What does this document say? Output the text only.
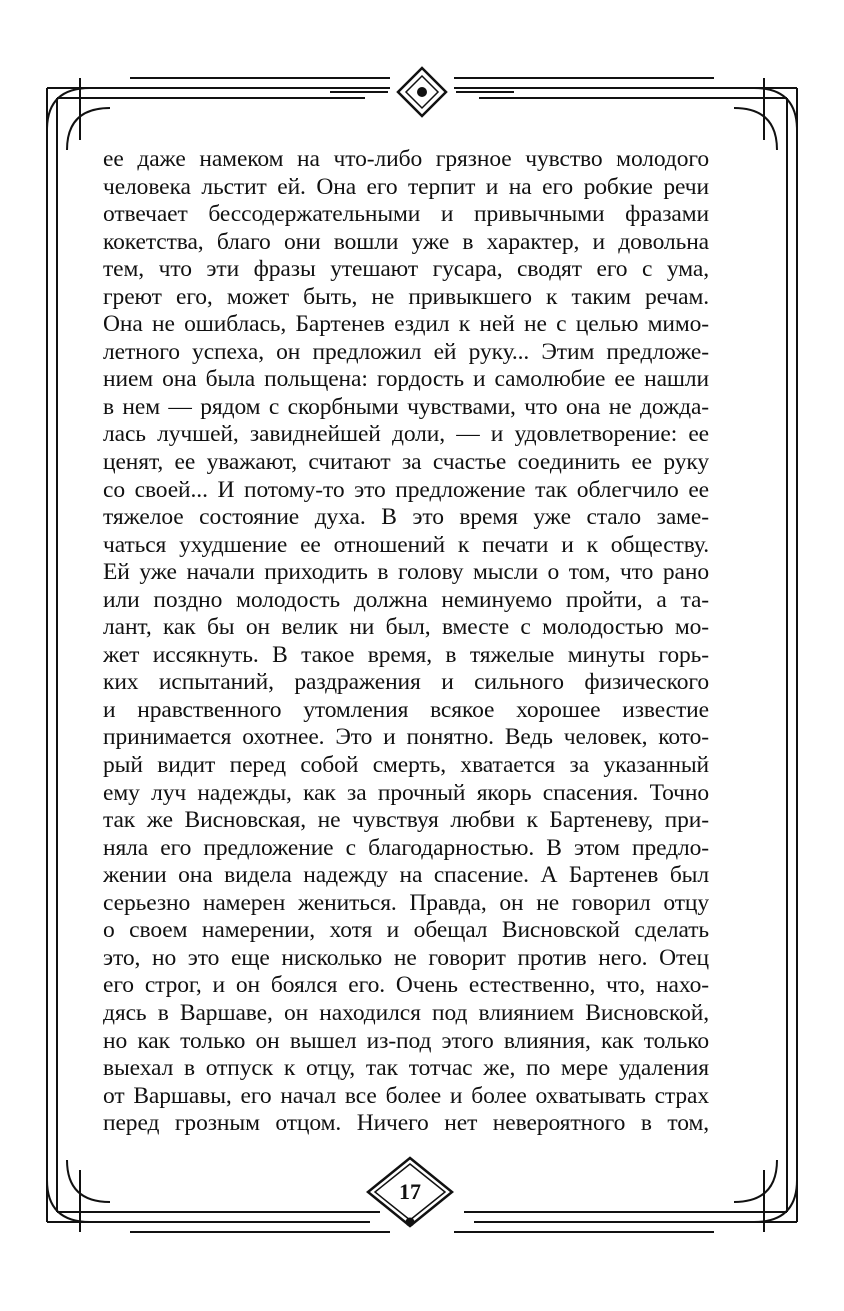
ее даже намеком на что-либо грязное чувство молодого
человека льстит ей. Она его терпит и на его робкие речи
отвечает бессодержательными и привычными фразами
кокетства, благо они вошли уже в характер, и довольна
тем, что эти фразы утешают гусара, сводят его с ума,
греют его, может быть, не привыкшего к таким речам.
Она не ошиблась, Бартенев ездил к ней не с целью мимо-
летного успеха, он предложил ей руку... Этим предложе-
нием она была польщена: гордость и самолюбие ее нашли
в нем — рядом с скорбными чувствами, что она не дожда-
лась лучшей, завиднейшей доли, — и удовлетворение: ее
ценят, ее уважают, считают за счастье соединить ее руку
со своей... И потому-то это предложение так облегчило ее
тяжелое состояние духа. В это время уже стало заме-
чаться ухудшение ее отношений к печати и к обществу.
Ей уже начали приходить в голову мысли о том, что рано
или поздно молодость должна неминуемо пройти, а та-
лант, как бы он велик ни был, вместе с молодостью мо-
жет иссякнуть. В такое время, в тяжелые минуты горь-
ких испытаний, раздражения и сильного физического
и нравственного утомления всякое хорошее известие
принимается охотнее. Это и понятно. Ведь человек, кото-
рый видит перед собой смерть, хватается за указанный
ему луч надежды, как за прочный якорь спасения. Точно
так же Висновская, не чувствуя любви к Бартеневу, при-
няла его предложение с благодарностью. В этом предло-
жении она видела надежду на спасение. А Бартенев был
серьезно намерен жениться. Правда, он не говорил отцу
о своем намерении, хотя и обещал Висновской сделать
это, но это еще нисколько не говорит против него. Отец
его строг, и он боялся его. Очень естественно, что, нахо-
дясь в Варшаве, он находился под влиянием Висновской,
но как только он вышел из-под этого влияния, как только
выехал в отпуск к отцу, так тотчас же, по мере удаления
от Варшавы, его начал все более и более охватывать страх
перед грозным отцом. Ничего нет невероятного в том,
17
